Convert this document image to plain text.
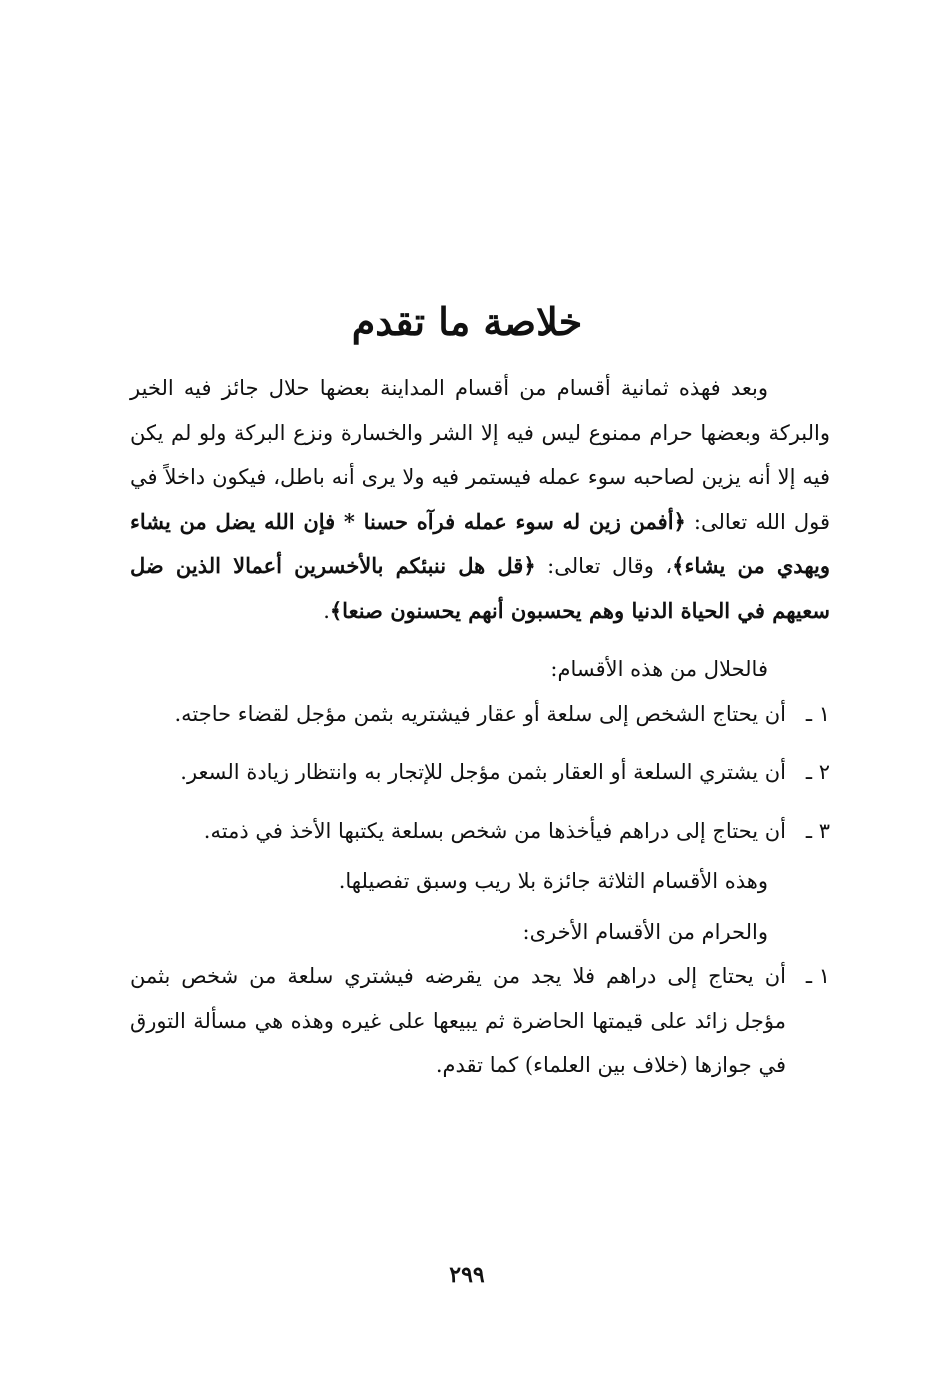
خلاصة ما تقدم

وبعد فهذه ثمانية أقسام من أقسام المداينة بعضها حلال جائز فيه الخير والبركة وبعضها حرام ممنوع ليس فيه إلا الشر والخسارة ونزع البركة ولو لم يكن فيه إلا أنه يزين لصاحبه سوء عمله فيستمر فيه ولا يرى أنه باطل، فيكون داخلاً في قول الله تعالى: ﴿أفمن زين له سوء عمله فرآه حسنا * فإن الله يضل من يشاء ويهدي من يشاء﴾، وقال تعالى: ﴿قل هل ننبئكم بالأخسرين أعمالا الذين ضل سعيهم في الحياة الدنيا وهم يحسبون أنهم يحسنون صنعا﴾.

فالحلال من هذه الأقسام:

١ ـ
أن يحتاج الشخص إلى سلعة أو عقار فيشتريه بثمن مؤجل لقضاء حاجته.
٢ ـ
أن يشتري السلعة أو العقار بثمن مؤجل للإتجار به وانتظار زيادة السعر.
٣ ـ
أن يحتاج إلى دراهم فيأخذها من شخص بسلعة يكتبها الأخذ في ذمته.

وهذه الأقسام الثلاثة جائزة بلا ريب وسبق تفصيلها.

والحرام من الأقسام الأخرى:

١ ـ
أن يحتاج إلى دراهم فلا يجد من يقرضه فيشتري سلعة من شخص بثمن مؤجل زائد على قيمتها الحاضرة ثم يبيعها على غيره وهذه هي مسألة التورق في جوازها (خلاف بين العلماء) كما تقدم.

٢٩٩
